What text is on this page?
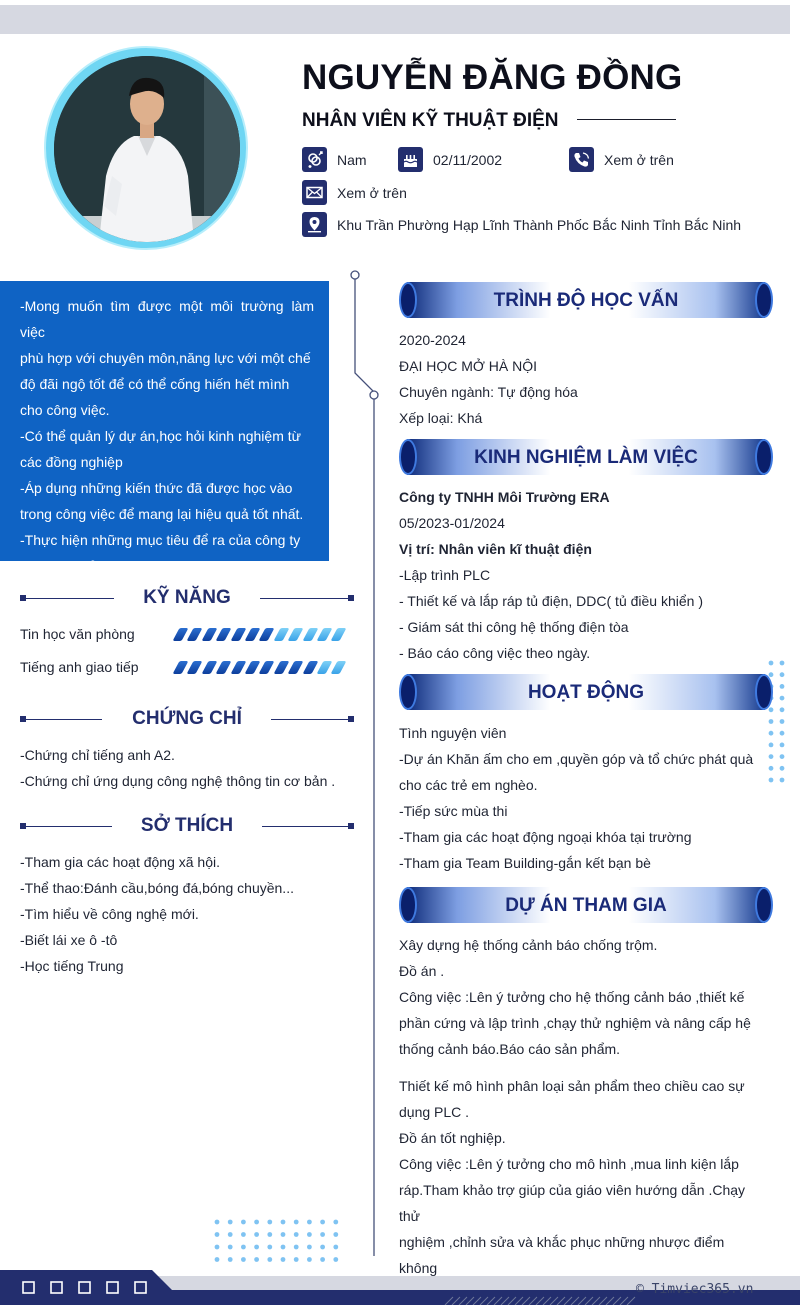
NGUYỄN ĐĂNG ĐỒNG
NHÂN VIÊN KỸ THUẬT ĐIỆN
Nam	02/11/2002	Xem ở trên
Xem ở trên
Khu Trần Phường Hạp Lĩnh Thành Phốc Bắc Ninh Tỉnh Bắc Ninh
-Mong muốn tìm được một môi trường làm việc
phù hợp với chuyên môn,năng lực với một chế
độ đãi ngộ tốt để có thể cống hiến hết mình
cho công việc.
-Có thể quản lý dự án,học hỏi kinh nghiệm từ
các đồng nghiệp
-Áp dụng những kiến thức đã được học vào
trong công việc để mang lại hiệu quả tốt nhất.
-Thực hiện những mục tiêu để ra của công ty
dành cho bản thân mình.
KỸ NĂNG
Tin học văn phòng
Tiếng anh giao tiếp
CHỨNG CHỈ
-Chứng chỉ tiếng anh A2.
-Chứng chỉ ứng dụng công nghệ thông tin cơ bản .
SỞ THÍCH
-Tham gia các hoạt động xã hội.
-Thể thao:Đánh cầu,bóng đá,bóng chuyền...
-Tìm hiểu về công nghệ mới.
-Biết lái xe ô -tô
-Học tiếng Trung
TRÌNH ĐỘ HỌC VẤN
2020-2024
ĐẠI HỌC MỞ HÀ NỘI
Chuyên ngành: Tự động hóa
Xếp loại: Khá
KINH NGHIỆM LÀM VIỆC
Công ty TNHH Môi Trường ERA
05/2023-01/2024
Vị trí: Nhân viên kĩ thuật điện
-Lập trình PLC
- Thiết kế và lắp ráp tủ điện, DDC( tủ điều khiển )
- Giám sát thi công hệ thống điện tòa
- Báo cáo công việc theo ngày.
HOẠT ĐỘNG
Tình nguyện viên
-Dự án Khăn ấm cho em ,quyền góp và tổ chức phát quà
cho các trẻ em nghèo.
-Tiếp sức mùa thi
-Tham gia các hoạt động ngoại khóa tại trường
-Tham gia Team Building-gắn kết bạn bè
DỰ ÁN THAM GIA
Xây dựng hệ thống cảnh báo chống trộm.
Đồ án .
Công việc :Lên ý tưởng cho hệ thống cảnh báo ,thiết kế
phần cứng và lập trình ,chạy thử nghiệm và nâng cấp hệ
thống cảnh báo.Báo cáo sản phẩm.
Thiết kế mô hình phân loại sản phẩm theo chiều cao sự
dụng PLC .
Đồ án tốt nghiệp.
Công việc :Lên ý tưởng cho mô hình ,mua linh kiện lắp
ráp.Tham khảo trợ giúp của giáo viên hướng dẫn .Chạy thử
nghiệm ,chỉnh sửa và khắc phục những nhược điểm không
© Timviec365.vn
